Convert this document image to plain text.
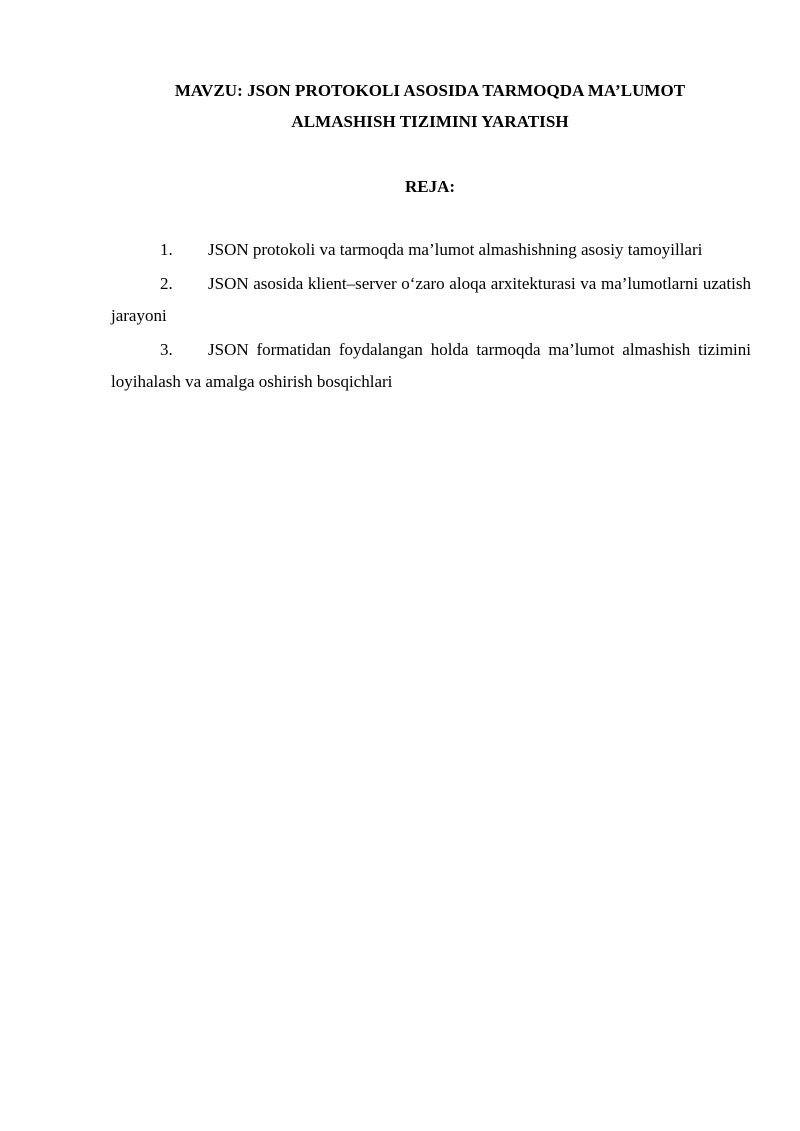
MAVZU: JSON PROTOKOLI ASOSIDA TARMOQDA MA’LUMOT
ALMASHISH TIZIMINI YARATISH
REJA:
1. JSON protokoli va tarmoqda ma’lumot almashishning asosiy tamoyillari
2. JSON asosida klient–server o‘zaro aloqa arxitekturasi va ma’lumotlarni uzatish jarayoni
3. JSON formatidan foydalangan holda tarmoqda ma’lumot almashish tizimini loyihalash va amalga oshirish bosqichlari
